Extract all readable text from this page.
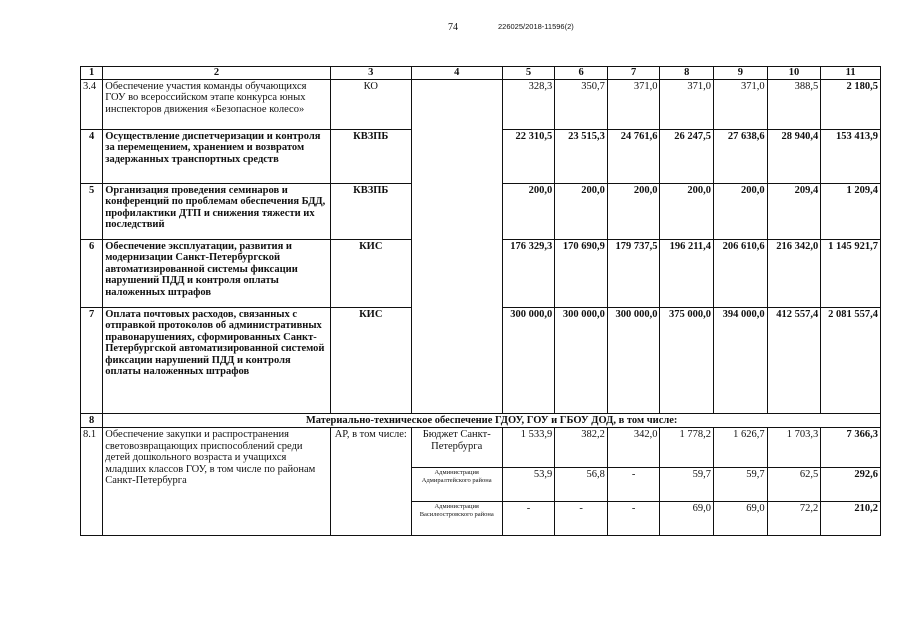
74	226025/2018-11596(2)
1	2	3	4	5	6	7	8	9	10	11
3.4	Обеспечение участия команды обучающихся ГОУ во всероссийском этапе конкурса юных инспекторов движения «Безопасное колесо»	КО		328,3	350,7	371,0	371,0	371,0	388,5	2 180,5
4	Осуществление диспетчеризации и контроля за перемещением, хранением и возвратом задержанных транспортных средств	КВЗПБ		22 310,5	23 515,3	24 761,6	26 247,5	27 638,6	28 940,4	153 413,9
5	Организация проведения семинаров и конференций по проблемам обеспечения БДД, профилактики ДТП и снижения тяжести их последствий	КВЗПБ		200,0	200,0	200,0	200,0	200,0	209,4	1 209,4
6	Обеспечение эксплуатации, развития и модернизации Санкт-Петербургской автоматизированной системы фиксации нарушений ПДД и контроля оплаты наложенных штрафов	КИС		176 329,3	170 690,9	179 737,5	196 211,4	206 610,6	216 342,0	1 145 921,7
7	Оплата почтовых расходов, связанных с отправкой протоколов об административных правонарушениях, сформированных Санкт-Петербургской автоматизированной системой фиксации нарушений ПДД и контроля оплаты наложенных штрафов	КИС		300 000,0	300 000,0	300 000,0	375 000,0	394 000,0	412 557,4	2 081 557,4
8	Материально-техническое обеспечение ГДОУ, ГОУ и ГБОУ ДОД, в том числе:									
8.1	Обеспечение закупки и распространения световозвращающих приспособлений среди детей дошкольного возраста и учащихся младших классов ГОУ, в том числе по районам Санкт-Петербурга	АР, в том числе:	Бюджет Санкт-Петербурга	1 533,9	382,2	342,0	1 778,2	1 626,7	1 703,3	7 366,3
			Администрация Адмиралтейского района	53,9	56,8	-	59,7	59,7	62,5	292,6
			Администрация Василеостровского района	-	-	-	69,0	69,0	72,2	210,2
